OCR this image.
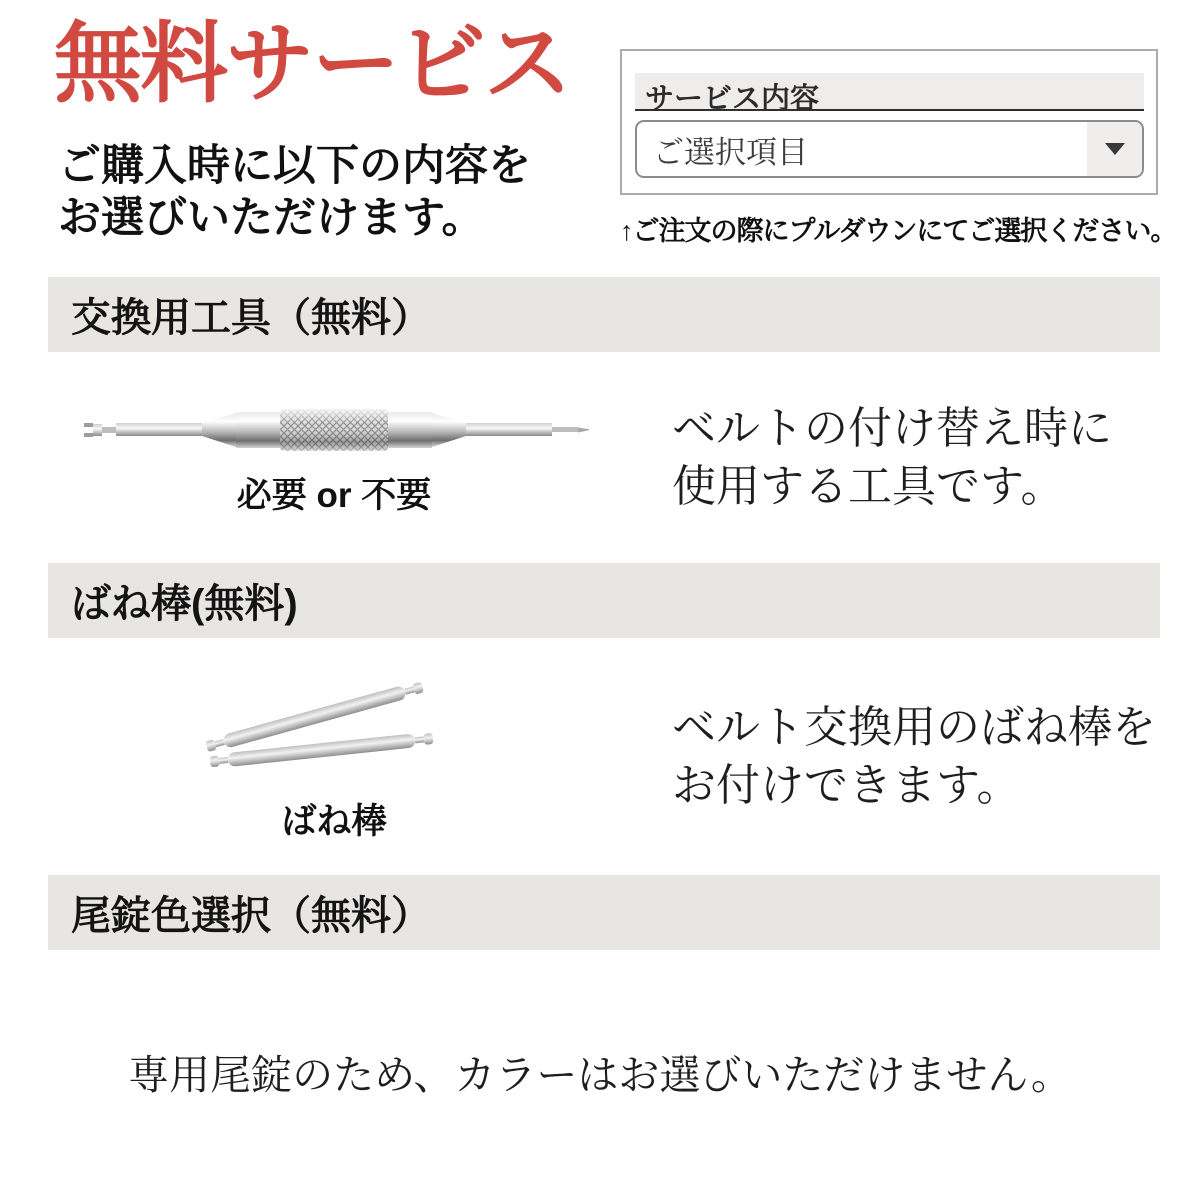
無料サービス
ご購入時に以下の内容を
お選びいただけます。
サービス内容
ご選択項目
↑ご注文の際にプルダウンにてご選択ください。
交換用工具（無料）
必要 or 不要
ベルトの付け替え時に
使用する工具です。
ばね棒(無料)
ばね棒
ベルト交換用のばね棒を
お付けできます。
尾錠色選択（無料）
専用尾錠のため、カラーはお選びいただけません。
